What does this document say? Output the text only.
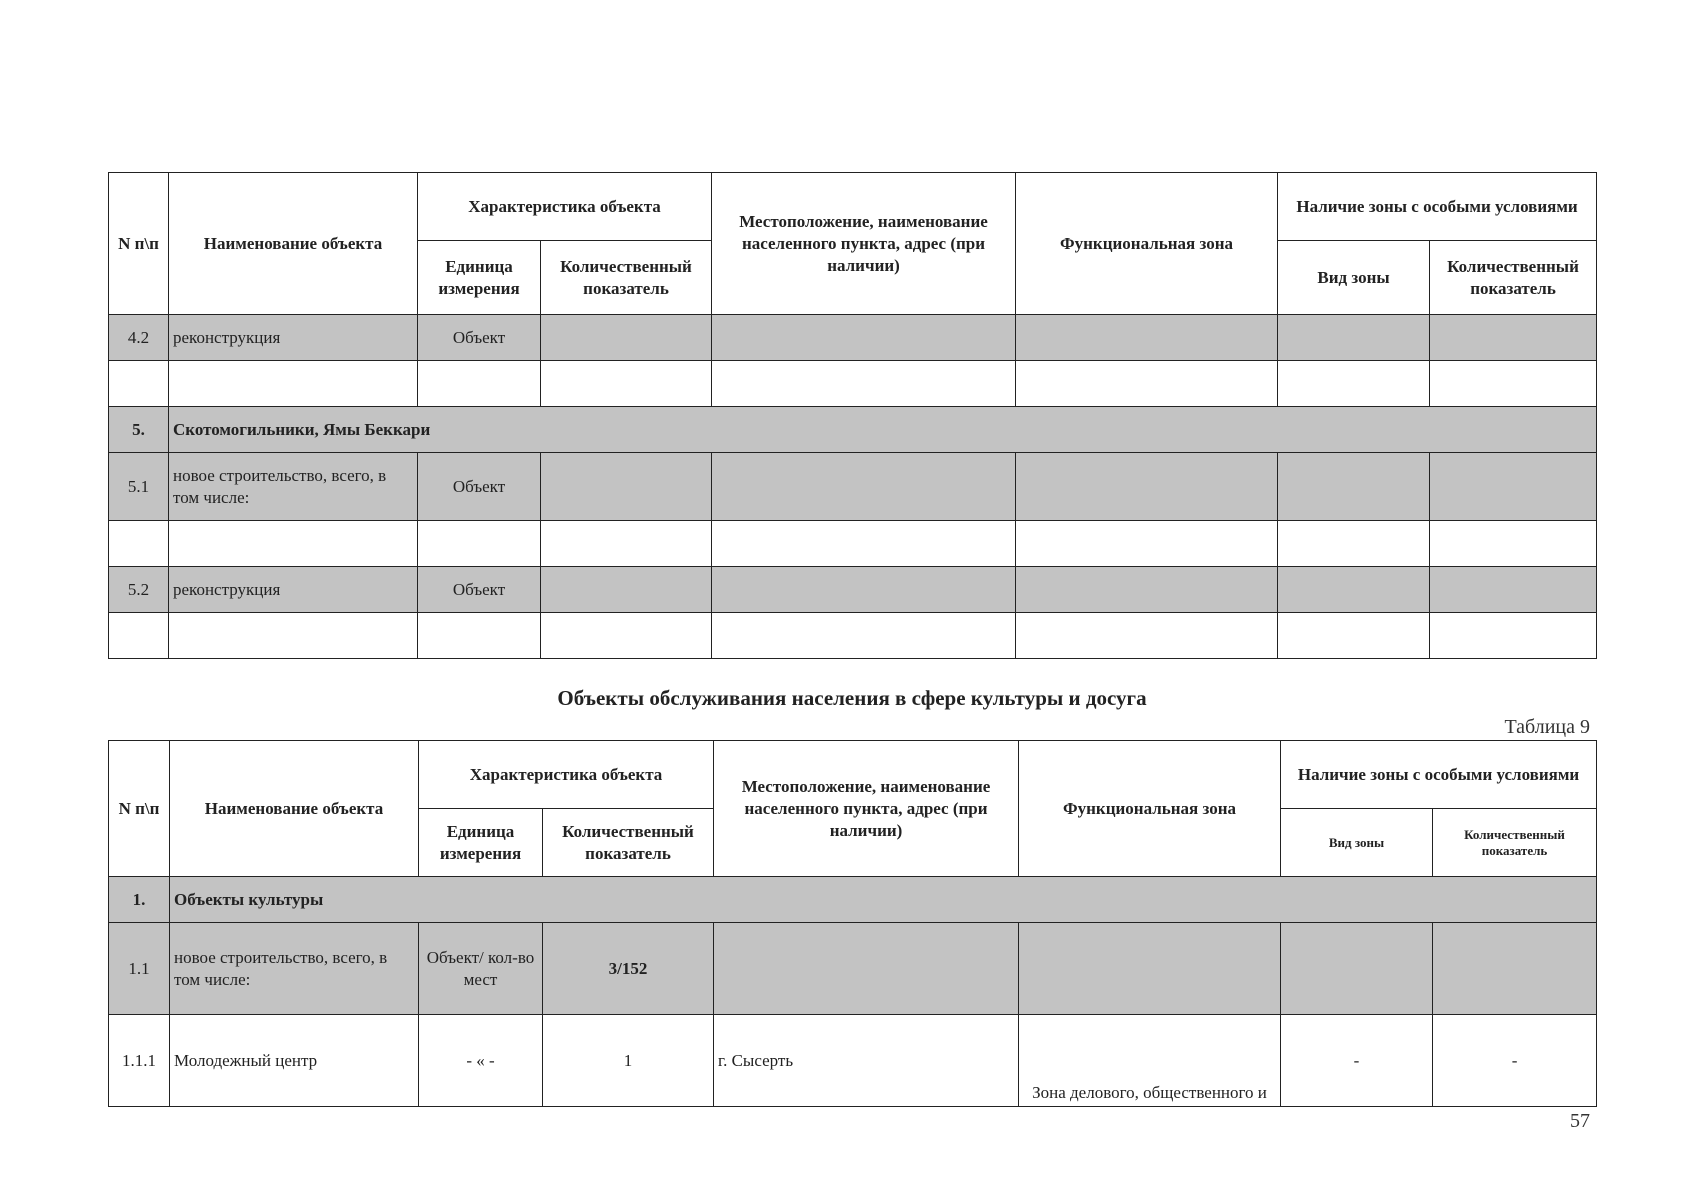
N п\п	Наименование объекта	Характеристика объекта		Местоположение, наименование населенного пункта, адрес (при наличии)	Функциональная зона	Наличие зоны с особыми условиями	
		Единица измерения	Количественный показатель			Вид зоны	Количественный показатель
4.2	реконструкция	Объект					

5.	Скотомогильники, Ямы Беккари						
5.1	новое строительство, всего, в том числе:	Объект					

5.2	реконструкция	Объект					

Объекты обслуживания населения в сфере культуры и досуга
Таблица 9
N п\п	Наименование объекта	Характеристика объекта		Местоположение, наименование населенного пункта, адрес (при наличии)	Функциональная зона	Наличие зоны с особыми условиями	
		Единица измерения	Количественный показатель			Вид зоны	Количественный показатель
1.	Объекты культуры						
1.1	новое строительство, всего, в том числе:	Объект/ кол-во мест	3/152				
1.1.1	Молодежный центр	- « -	1	г. Сысерть	Зона делового, общественного и	-	-
57
